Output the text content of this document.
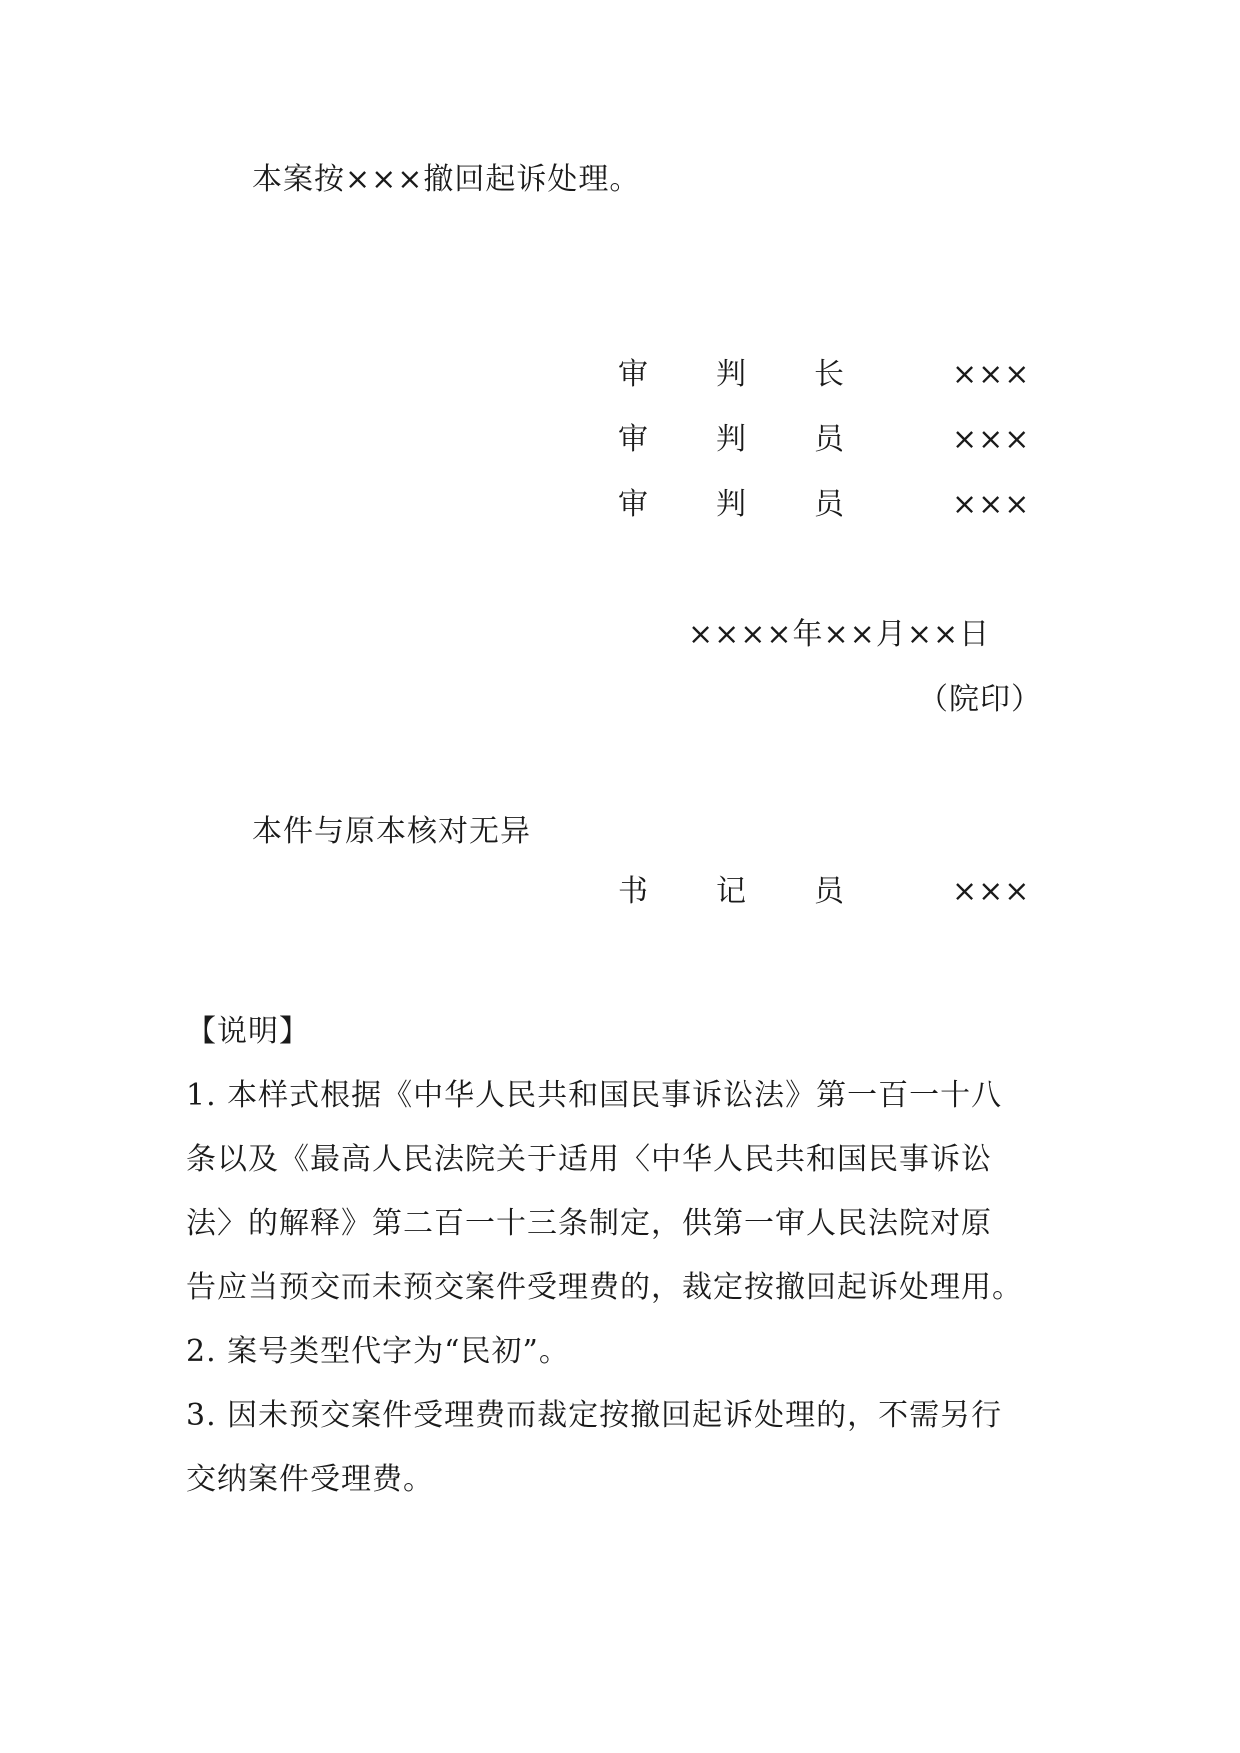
本案按×××撤回起诉处理。
审 判 长	×××
审 判 员	×××
审 判 员	×××
××××年××月××日
（院印）
本件与原本核对无异
书 记 员	×××

【说明】

1. 本样式根据《中华人民共和国民事诉讼法》第一百一十八

条以及《最高人民法院关于适用〈中华人民共和国民事诉讼

法〉的解释》第二百一十三条制定，供第一审人民法院对原

告应当预交而未预交案件受理费的，裁定按撤回起诉处理用。

2. 案号类型代字为“民初”。

3. 因未预交案件受理费而裁定按撤回起诉处理的，不需另行

交纳案件受理费。
